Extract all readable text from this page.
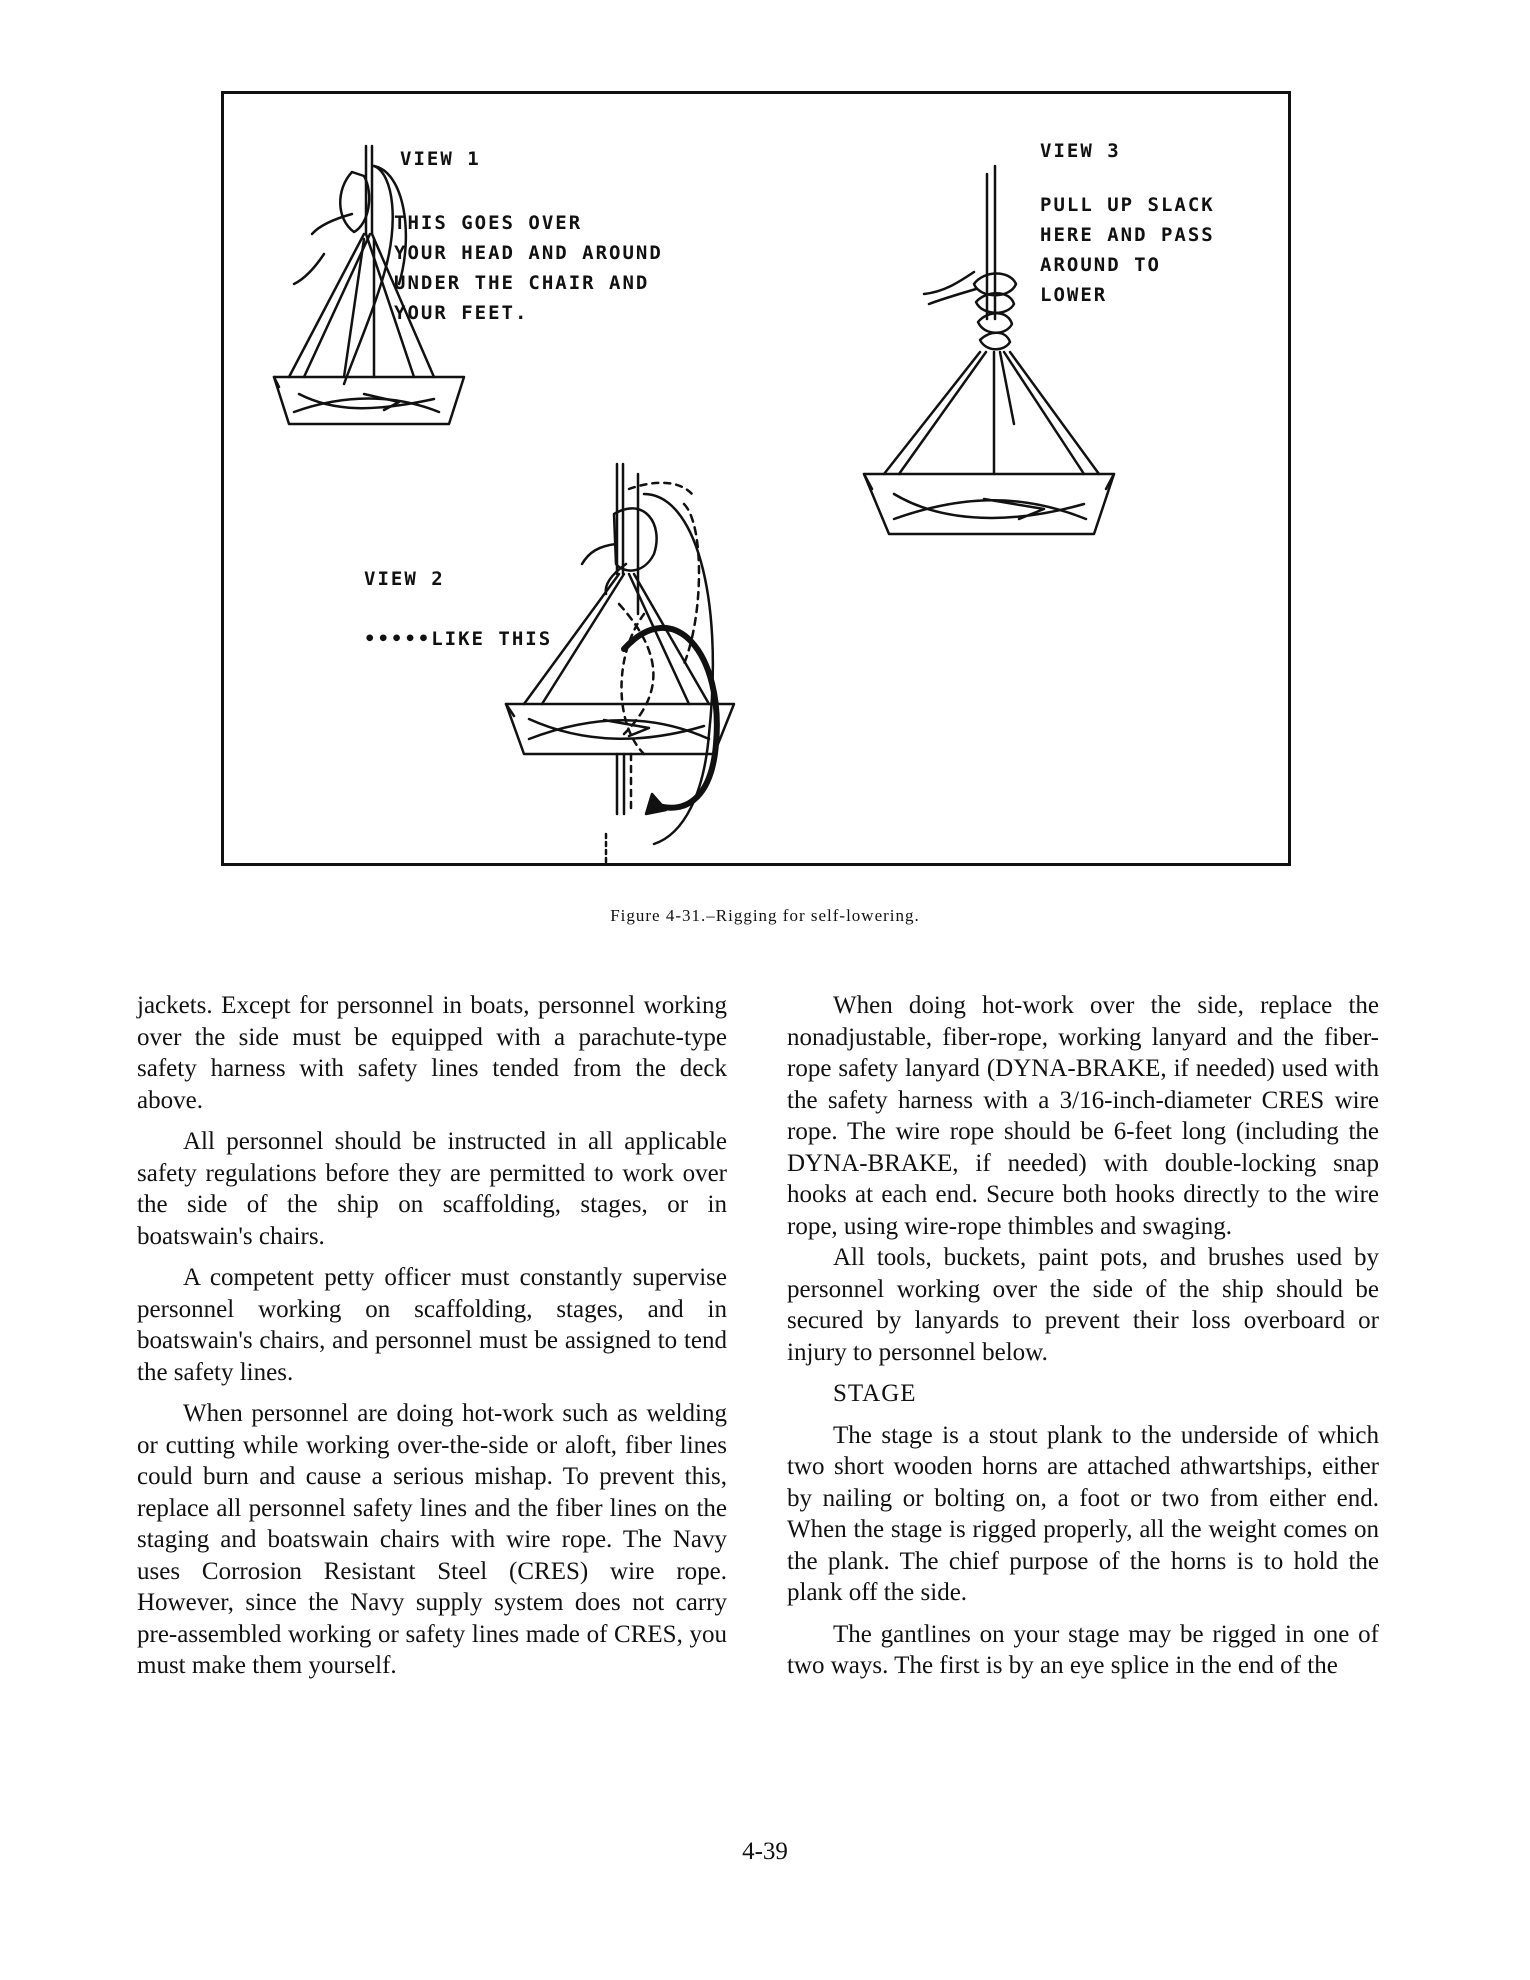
VIEW 1
THIS GOES OVER
YOUR HEAD AND AROUND
UNDER THE CHAIR AND
YOUR FEET.
VIEW 2
•••••LIKE THIS
VIEW 3
PULL UP SLACK
HERE AND PASS
AROUND TO
LOWER

Figure 4-31.–Rigging for self-lowering.

jackets. Except for personnel in boats, personnel working over the side must be equipped with a parachute-type safety harness with safety lines tended from the deck above.

All personnel should be instructed in all applicable safety regulations before they are permitted to work over the side of the ship on scaffolding, stages, or in boatswain's chairs.

A competent petty officer must constantly supervise personnel working on scaffolding, stages, and in boatswain's chairs, and personnel must be assigned to tend the safety lines.

When personnel are doing hot-work such as welding or cutting while working over-the-side or aloft, fiber lines could burn and cause a serious mishap. To prevent this, replace all personnel safety lines and the fiber lines on the staging and boatswain chairs with wire rope. The Navy uses Corrosion Resistant Steel (CRES) wire rope. However, since the Navy supply system does not carry pre-assembled working or safety lines made of CRES, you must make them yourself.

When doing hot-work over the side, replace the nonadjustable, fiber-rope, working lanyard and the fiber-rope safety lanyard (DYNA-BRAKE, if needed) used with the safety harness with a 3/16-inch-diameter CRES wire rope. The wire rope should be 6-feet long (including the DYNA-BRAKE, if needed) with double-locking snap hooks at each end. Secure both hooks directly to the wire rope, using wire-rope thimbles and swaging.

All tools, buckets, paint pots, and brushes used by personnel working over the side of the ship should be secured by lanyards to prevent their loss overboard or injury to personnel below.

STAGE

The stage is a stout plank to the underside of which two short wooden horns are attached athwartships, either by nailing or bolting on, a foot or two from either end. When the stage is rigged properly, all the weight comes on the plank. The chief purpose of the horns is to hold the plank off the side.

The gantlines on your stage may be rigged in one of two ways. The first is by an eye splice in the end of the

4-39
